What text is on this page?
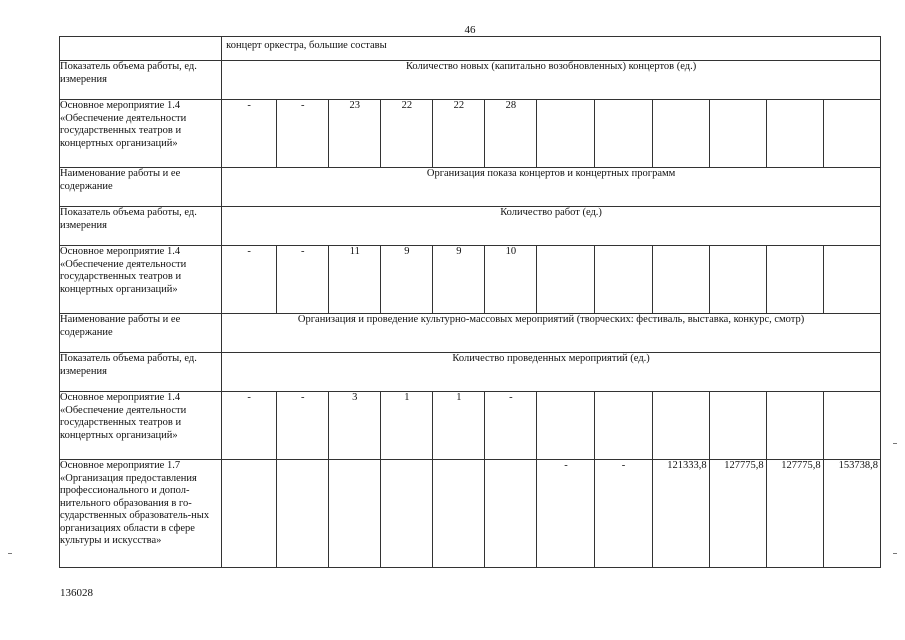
46
	концерт оркестра, большие составы											
Показатель объема работы, ед. измерения	Количество новых (капитально возобновленных) концертов (ед.)											
Основное мероприятие 1.4 «Обеспечение деятельности государственных театров и концертных организаций»	-	-	23	22	22	28						
Наименование работы и ее содержание	Организация показа концертов и концертных программ											
Показатель объема работы, ед. измерения	Количество работ (ед.)											
Основное мероприятие 1.4 «Обеспечение деятельности государственных театров и концертных организаций»	-	-	11	9	9	10						
Наименование работы и ее содержание	Организация и проведение культурно-массовых мероприятий (творческих: фестиваль, выставка, конкурс, смотр)											
Показатель объема работы, ед. измерения	Количество проведенных мероприятий (ед.)											
Основное мероприятие 1.4 «Обеспечение деятельности государственных театров и концертных организаций»	-	-	3	1	1	-						
Основное мероприятие 1.7 «Организация предоставления профессионального и допол-нительного образования в го-сударственных образователь-ных организациях области в сфере культуры и искусства»							-	-	121333,8	127775,8	127775,8	153738,8
136028
